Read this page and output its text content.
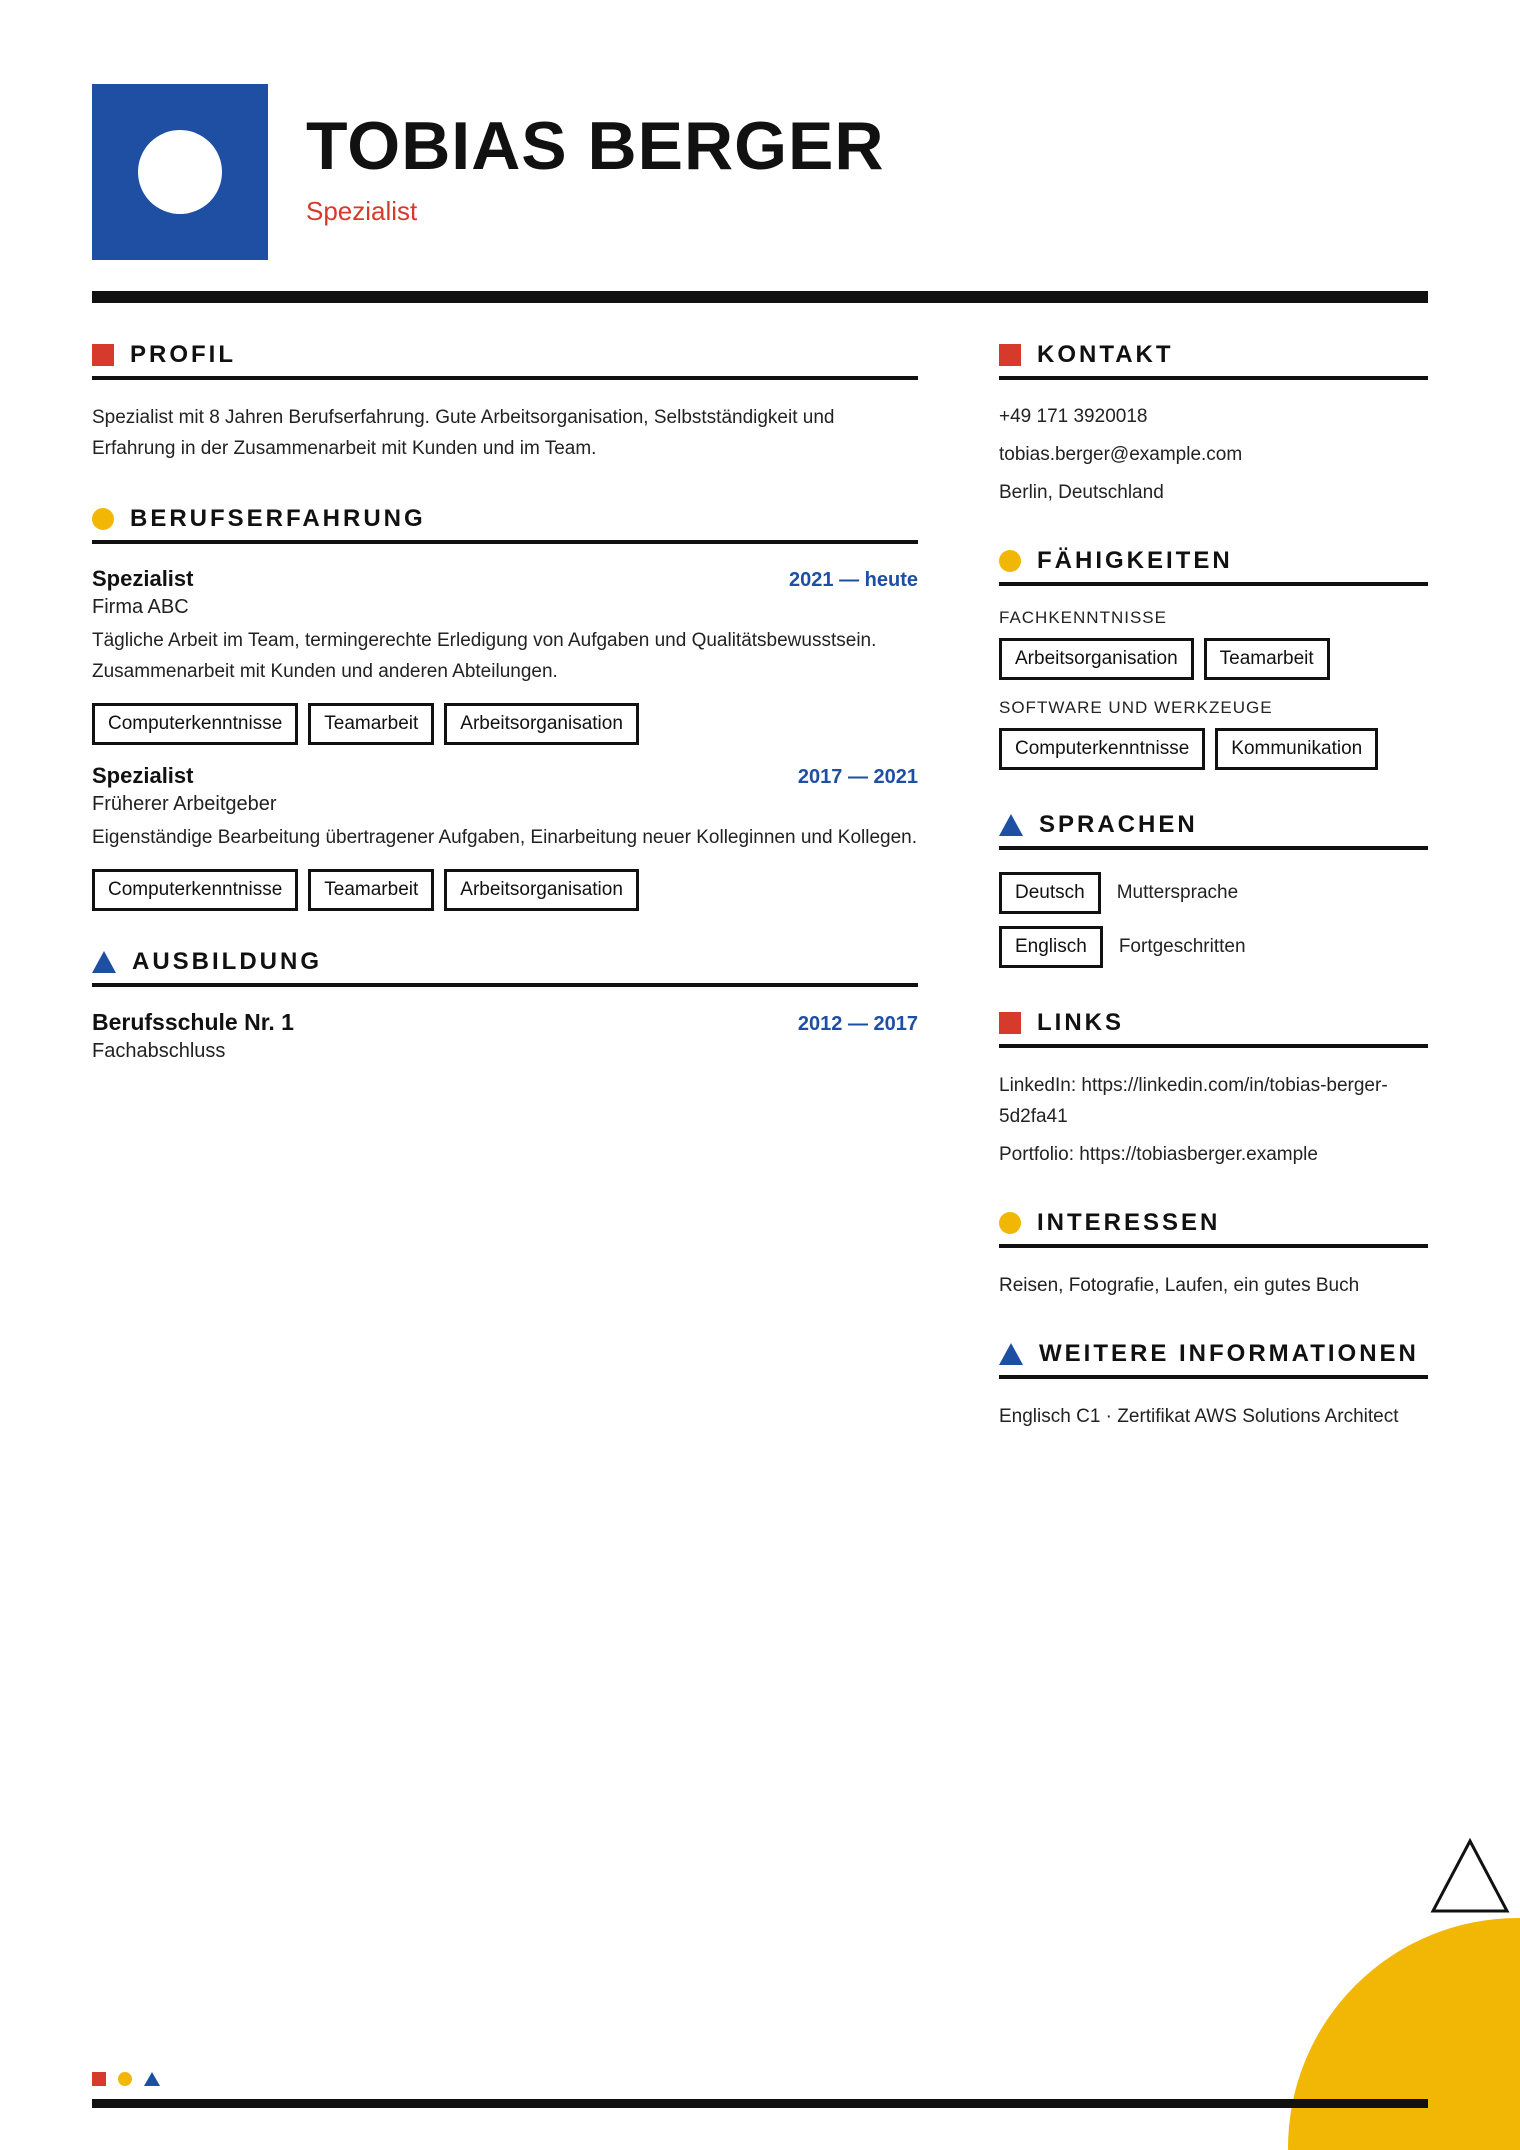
TOBIAS BERGER
Spezialist
PROFIL

Spezialist mit 8 Jahren Berufserfahrung. Gute Arbeitsorganisation, Selbstständigkeit und Erfahrung in der Zusammenarbeit mit Kunden und im Team.

BERUFSERFAHRUNG
Spezialist	2021 — heute
Firma ABC
Tägliche Arbeit im Team, termingerechte Erledigung von Aufgaben und Qualitätsbewusstsein. Zusammenarbeit mit Kunden und anderen Abteilungen.
Computerkenntnisse	Teamarbeit	Arbeitsorganisation
Spezialist	2017 — 2021
Früherer Arbeitgeber
Eigenständige Bearbeitung übertragener Aufgaben, Einarbeitung neuer Kolleginnen und Kollegen.
Computerkenntnisse	Teamarbeit	Arbeitsorganisation
AUSBILDUNG
Berufsschule Nr. 1	2012 — 2017
Fachabschluss
KONTAKT
+49 171 3920018
tobias.berger@example.com
Berlin, Deutschland
FÄHIGKEITEN
FACHKENNTNISSE
Arbeitsorganisation	Teamarbeit
SOFTWARE UND WERKZEUGE
Computerkenntnisse	Kommunikation
SPRACHEN
Deutsch	Muttersprache
Englisch	Fortgeschritten
LINKS
LinkedIn: https://linkedin.com/in/tobias-berger-5d2fa41
Portfolio: https://tobiasberger.example
INTERESSEN
Reisen, Fotografie, Laufen, ein gutes Buch
WEITERE INFORMATIONEN
Englisch C1 · Zertifikat AWS Solutions Architect
